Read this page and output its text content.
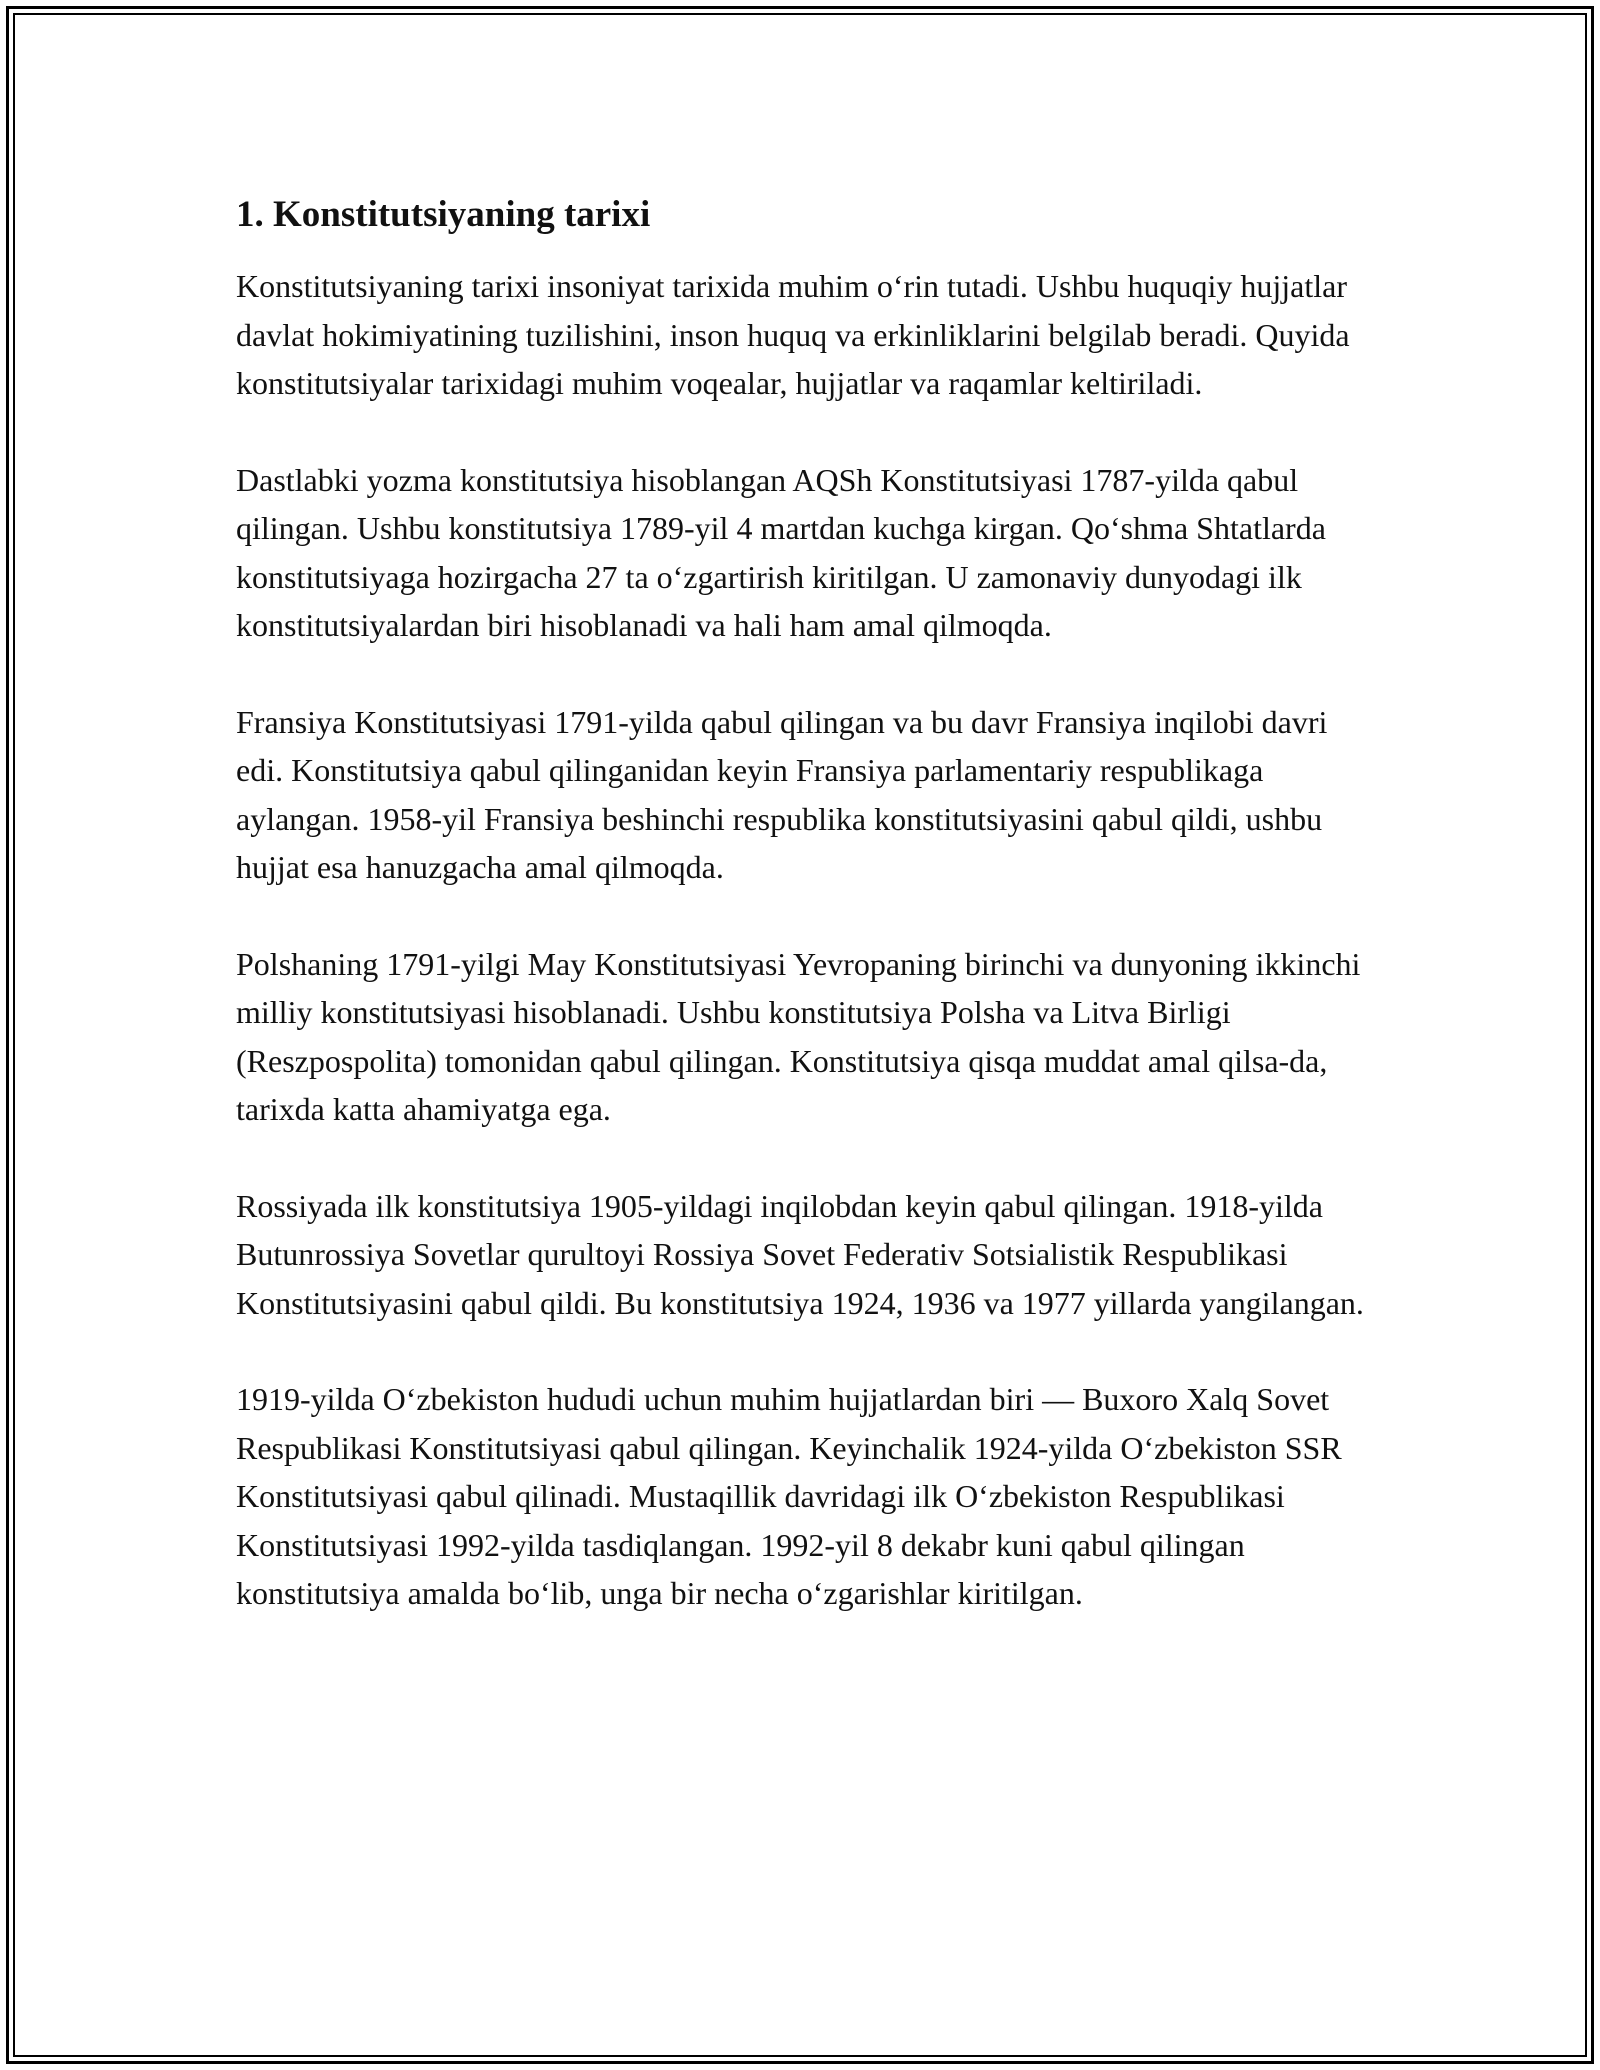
1. Konstitutsiyaning tarixi

Konstitutsiyaning tarixi insoniyat tarixida muhim o‘rin tutadi. Ushbu huquqiy hujjatlar davlat hokimiyatining tuzilishini, inson huquq va erkinliklarini belgilab beradi. Quyida konstitutsiyalar tarixidagi muhim voqealar, hujjatlar va raqamlar keltiriladi.

Dastlabki yozma konstitutsiya hisoblangan AQSh Konstitutsiyasi 1787-yilda qabul qilingan. Ushbu konstitutsiya 1789-yil 4 martdan kuchga kirgan. Qo‘shma Shtatlarda konstitutsiyaga hozirgacha 27 ta o‘zgartirish kiritilgan. U zamonaviy dunyodagi ilk konstitutsiyalardan biri hisoblanadi va hali ham amal qilmoqda.

Fransiya Konstitutsiyasi 1791-yilda qabul qilingan va bu davr Fransiya inqilobi davri edi. Konstitutsiya qabul qilinganidan keyin Fransiya parlamentariy respublikaga aylangan. 1958-yil Fransiya beshinchi respublika konstitutsiyasini qabul qildi, ushbu hujjat esa hanuzgacha amal qilmoqda.

Polshaning 1791-yilgi May Konstitutsiyasi Yevropaning birinchi va dunyoning ikkinchi milliy konstitutsiyasi hisoblanadi. Ushbu konstitutsiya Polsha va Litva Birligi (Reszpospolita) tomonidan qabul qilingan. Konstitutsiya qisqa muddat amal qilsa-da, tarixda katta ahamiyatga ega.

Rossiyada ilk konstitutsiya 1905-yildagi inqilobdan keyin qabul qilingan. 1918-yilda Butunrossiya Sovetlar qurultoyi Rossiya Sovet Federativ Sotsialistik Respublikasi Konstitutsiyasini qabul qildi. Bu konstitutsiya 1924, 1936 va 1977 yillarda yangilangan.

1919-yilda O‘zbekiston hududi uchun muhim hujjatlardan biri — Buxoro Xalq Sovet Respublikasi Konstitutsiyasi qabul qilingan. Keyinchalik 1924-yilda O‘zbekiston SSR Konstitutsiyasi qabul qilinadi. Mustaqillik davridagi ilk O‘zbekiston Respublikasi Konstitutsiyasi 1992-yilda tasdiqlangan. 1992-yil 8 dekabr kuni qabul qilingan konstitutsiya amalda bo‘lib, unga bir necha o‘zgarishlar kiritilgan.
